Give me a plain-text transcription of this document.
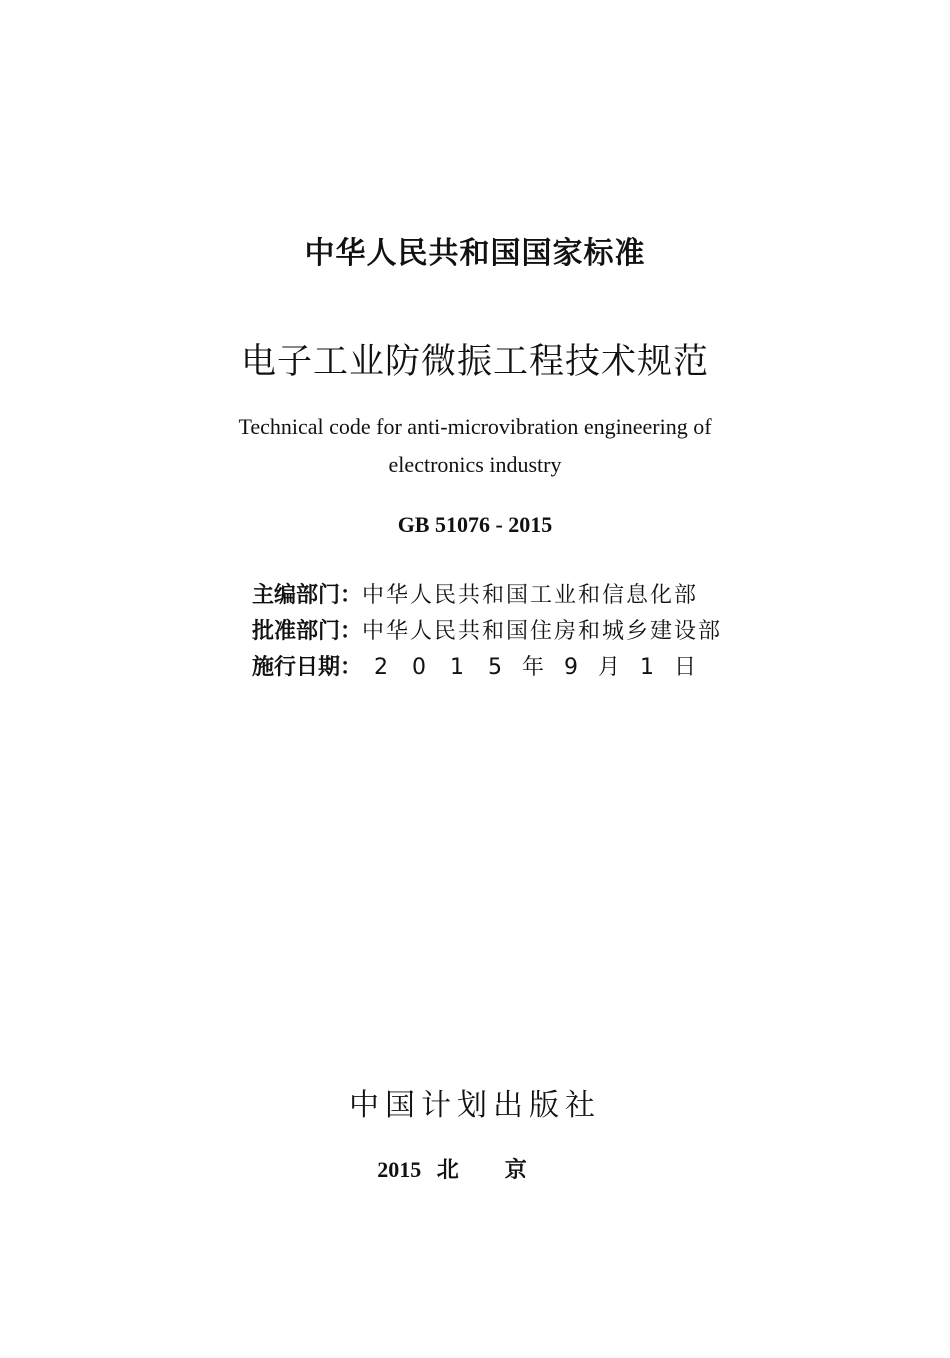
中华人民共和国国家标准
电子工业防微振工程技术规范
Technical code for anti-microvibration engineering of
electronics industry
GB 51076 - 2015
主编部门： 中华人民共和国工业和信息化部
批准部门： 中华人民共和国住房和城乡建设部
施行日期： 2	0	1	5 年 9 月 1 日
中国计划出版社
2015 北京
